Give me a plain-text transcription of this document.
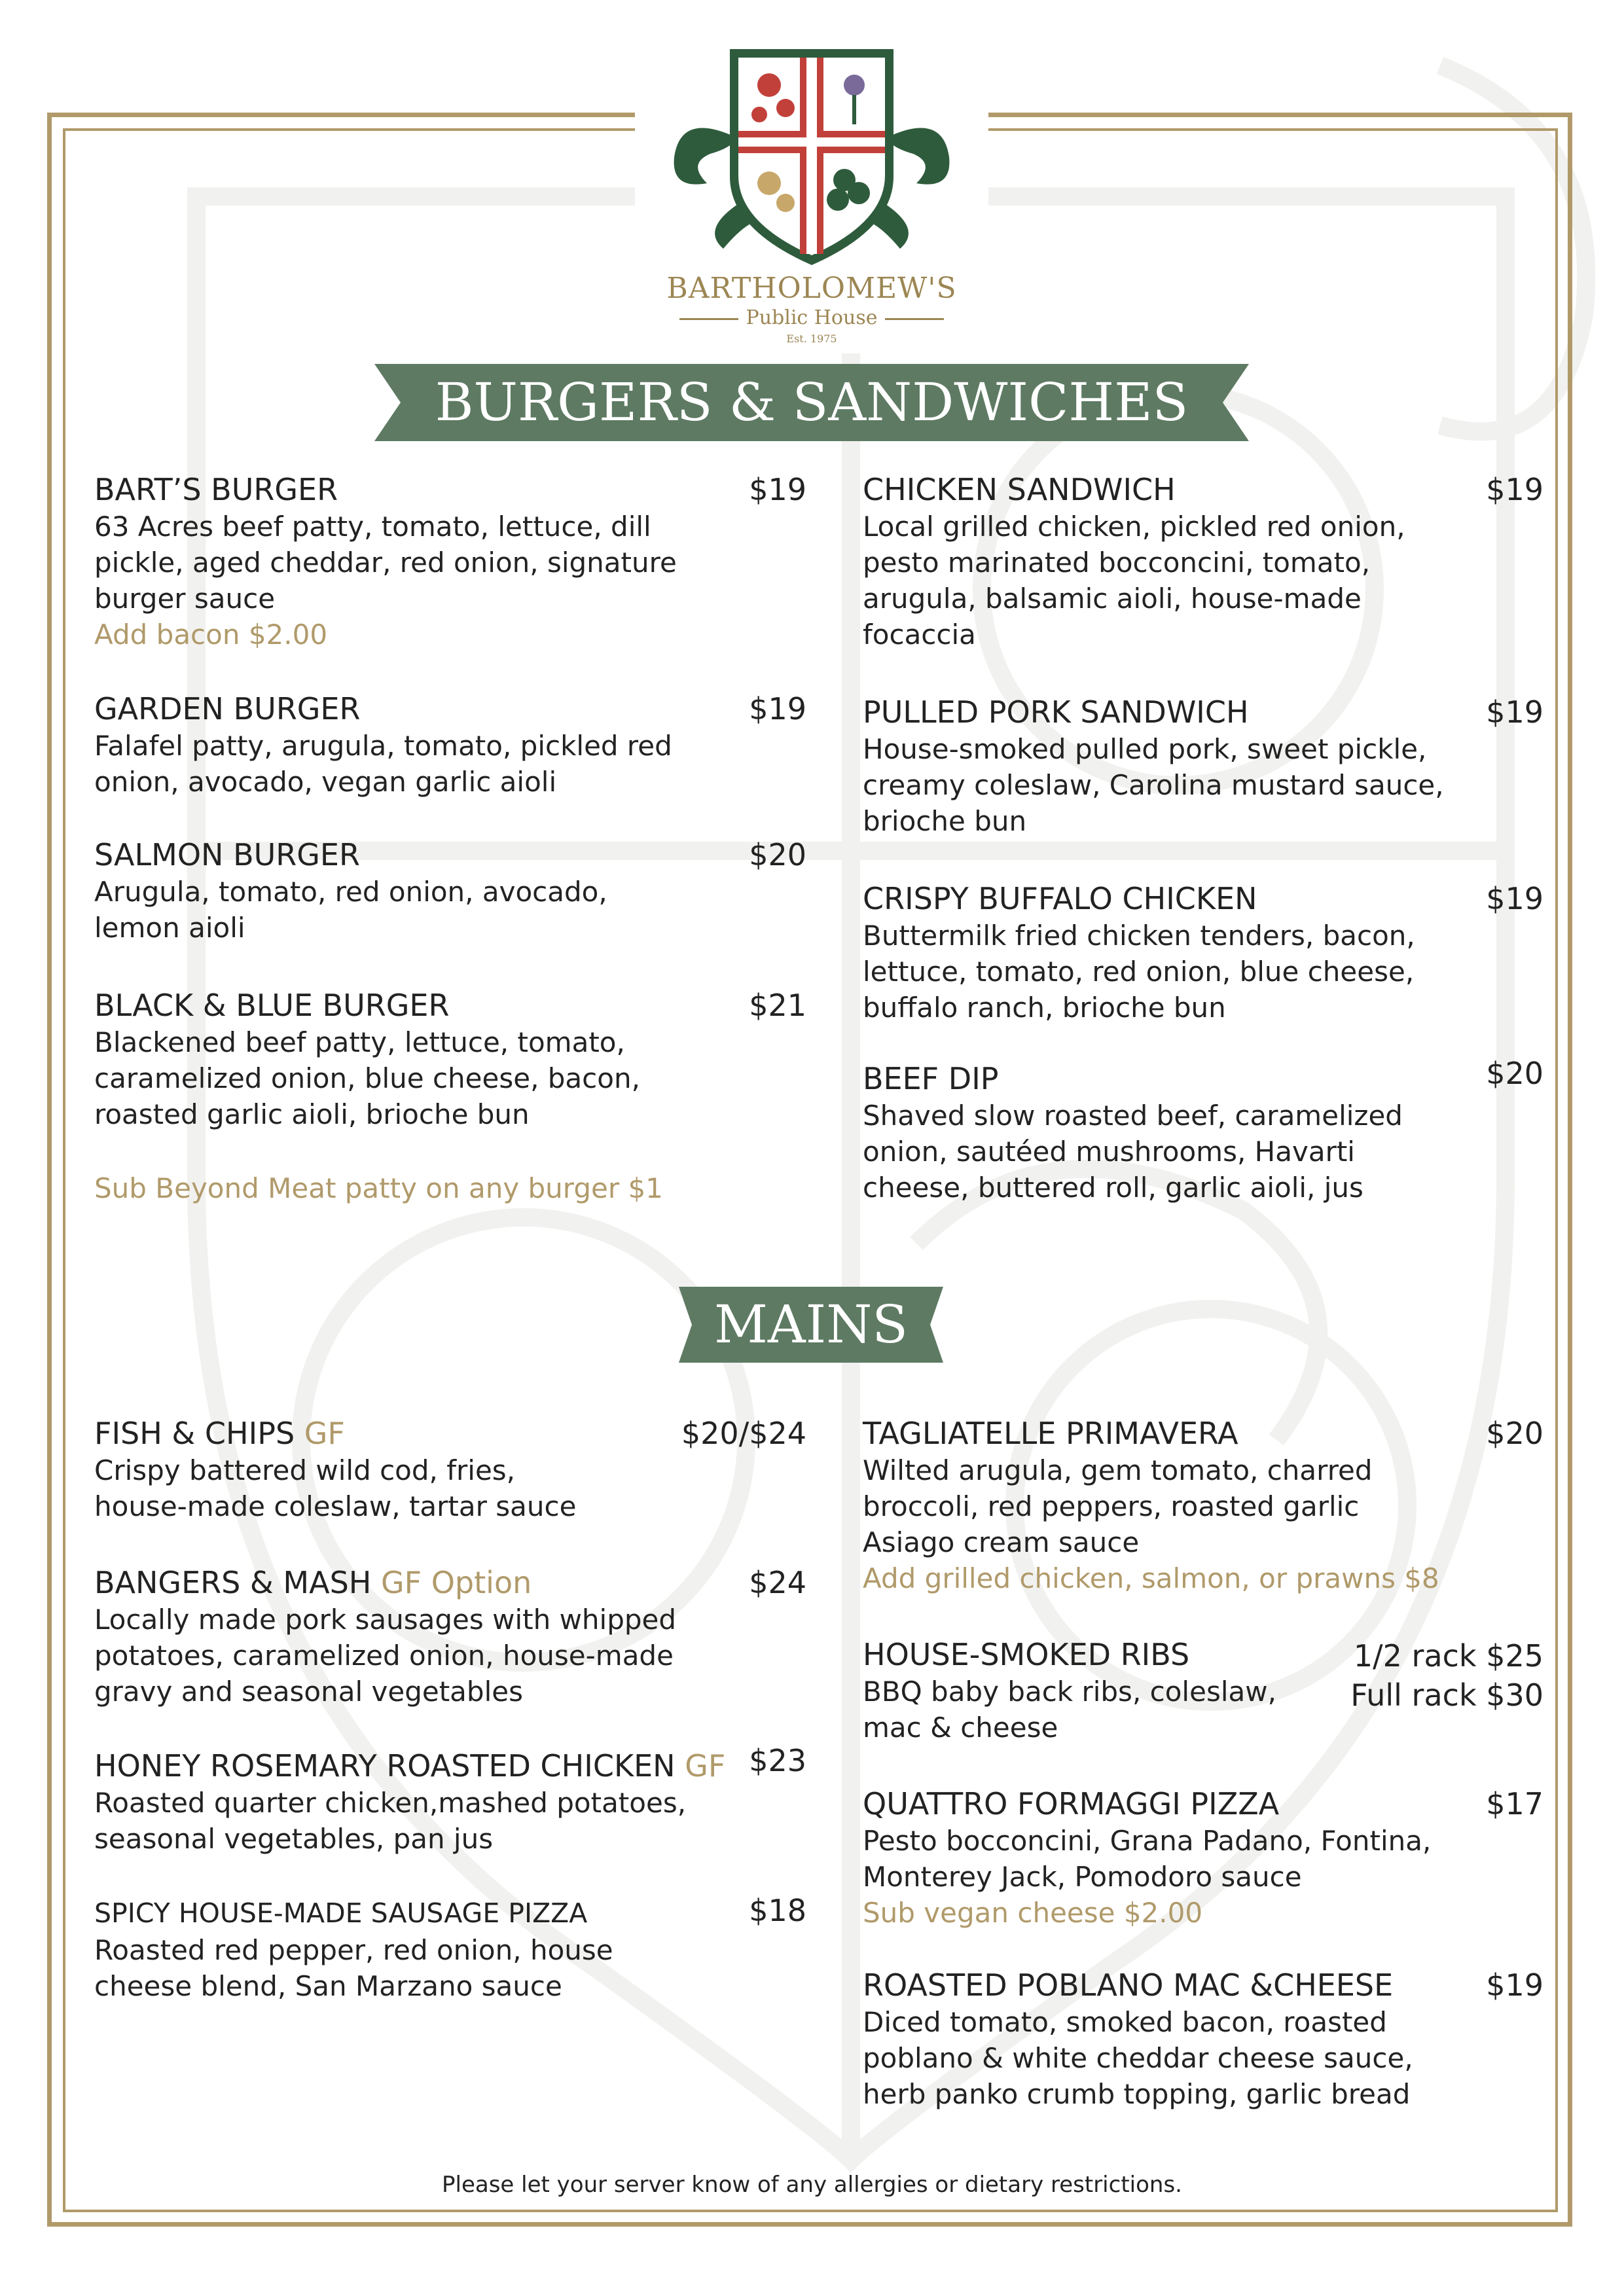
BARTHOLOMEW'S
Public House
Est. 1975
BURGERS & SANDWICHES
BART’S BURGER	$19
63 Acres beef patty, tomato, lettuce, dill
pickle, aged cheddar, red onion, signature
burger sauce
Add bacon $2.00
GARDEN BURGER	$19
Falafel patty, arugula, tomato, pickled red
onion, avocado, vegan garlic aioli
SALMON BURGER	$20
Arugula, tomato, red onion, avocado,
lemon aioli
BLACK & BLUE BURGER	$21
Blackened beef patty, lettuce, tomato,
caramelized onion, blue cheese, bacon,
roasted garlic aioli, brioche bun
Sub Beyond Meat patty on any burger $1
CHICKEN SANDWICH	$19
Local grilled chicken, pickled red onion,
pesto marinated bocconcini, tomato,
arugula, balsamic aioli, house-made
focaccia
PULLED PORK SANDWICH	$19
House-smoked pulled pork, sweet pickle,
creamy coleslaw, Carolina mustard sauce,
brioche bun
CRISPY BUFFALO CHICKEN	$19
Buttermilk fried chicken tenders, bacon,
lettuce, tomato, red onion, blue cheese,
buffalo ranch, brioche bun
BEEF DIP	$20
Shaved slow roasted beef, caramelized
onion, sautéed mushrooms, Havarti
cheese, buttered roll, garlic aioli, jus
MAINS
FISH & CHIPS GF	$20/$24
Crispy battered wild cod, fries,
house-made coleslaw, tartar sauce
BANGERS & MASH GF Option	$24
Locally made pork sausages with whipped
potatoes, caramelized onion, house-made
gravy and seasonal vegetables
HONEY ROSEMARY ROASTED CHICKEN GF $23
Roasted quarter chicken,mashed potatoes,
seasonal vegetables, pan jus
SPICY HOUSE-MADE SAUSAGE PIZZA	$18
Roasted red pepper, red onion, house
cheese blend, San Marzano sauce
TAGLIATELLE PRIMAVERA	$20
Wilted arugula, gem tomato, charred
broccoli, red peppers, roasted garlic
Asiago cream sauce
Add grilled chicken, salmon, or prawns $8
HOUSE-SMOKED RIBS
BBQ baby back ribs, coleslaw,
mac & cheese
1/2 rack $25
Full rack $30
QUATTRO FORMAGGI PIZZA	$17
Pesto bocconcini, Grana Padano, Fontina,
Monterey Jack, Pomodoro sauce
Sub vegan cheese $2.00
ROASTED POBLANO MAC &CHEESE	$19
Diced tomato, smoked bacon, roasted
poblano & white cheddar cheese sauce,
herb panko crumb topping, garlic bread
Please let your server know of any allergies or dietary restrictions.
